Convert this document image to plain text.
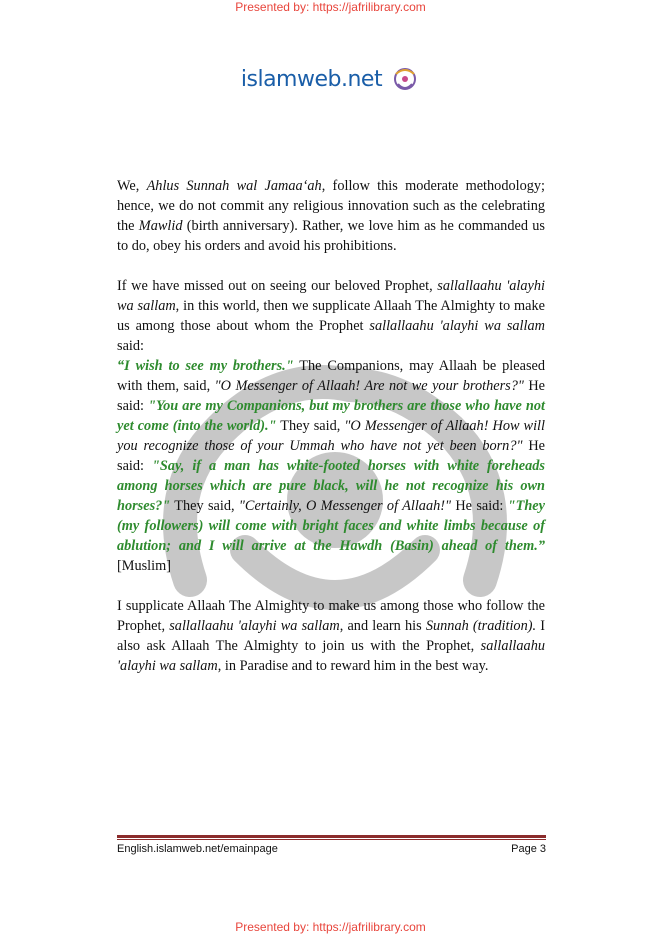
Presented by: https://jafrilibrary.com
islamweb.net

We, Ahlus Sunnah wal Jamaa‘ah, follow this moderate methodology; hence, we do not commit any religious innovation such as the celebrating the Mawlid (birth anniversary). Rather, we love him as he commanded us to do, obey his orders and avoid his prohibitions.

If we have missed out on seeing our beloved Prophet, sallallaahu 'alayhi wa sallam, in this world, then we supplicate Allaah The Almighty to make us among those about whom the Prophet sallallaahu 'alayhi wa sallam said:

“I wish to see my brothers." The Companions, may Allaah be pleased with them, said, "O Messenger of Allaah! Are not we your brothers?" He said: "You are my Companions, but my brothers are those who have not yet come (into the world)." They said, "O Messenger of Allaah! How will you recognize those of your Ummah who have not yet been born?" He said: "Say, if a man has white-footed horses with white foreheads among horses which are pure black, will he not recognize his own horses?" They said, "Certainly, O Messenger of Allaah!" He said: "They (my followers) will come with bright faces and white limbs because of ablution; and I will arrive at the Hawdh (Basin) ahead of them.” [Muslim]

I supplicate Allaah The Almighty to make us among those who follow the Prophet, sallallaahu 'alayhi wa sallam, and learn his Sunnah (tradition). I also ask Allaah The Almighty to join us with the Prophet, sallallaahu 'alayhi wa sallam, in Paradise and to reward him in the best way.

English.islamweb.net/emainpage	Page 3
Presented by: https://jafrilibrary.com
